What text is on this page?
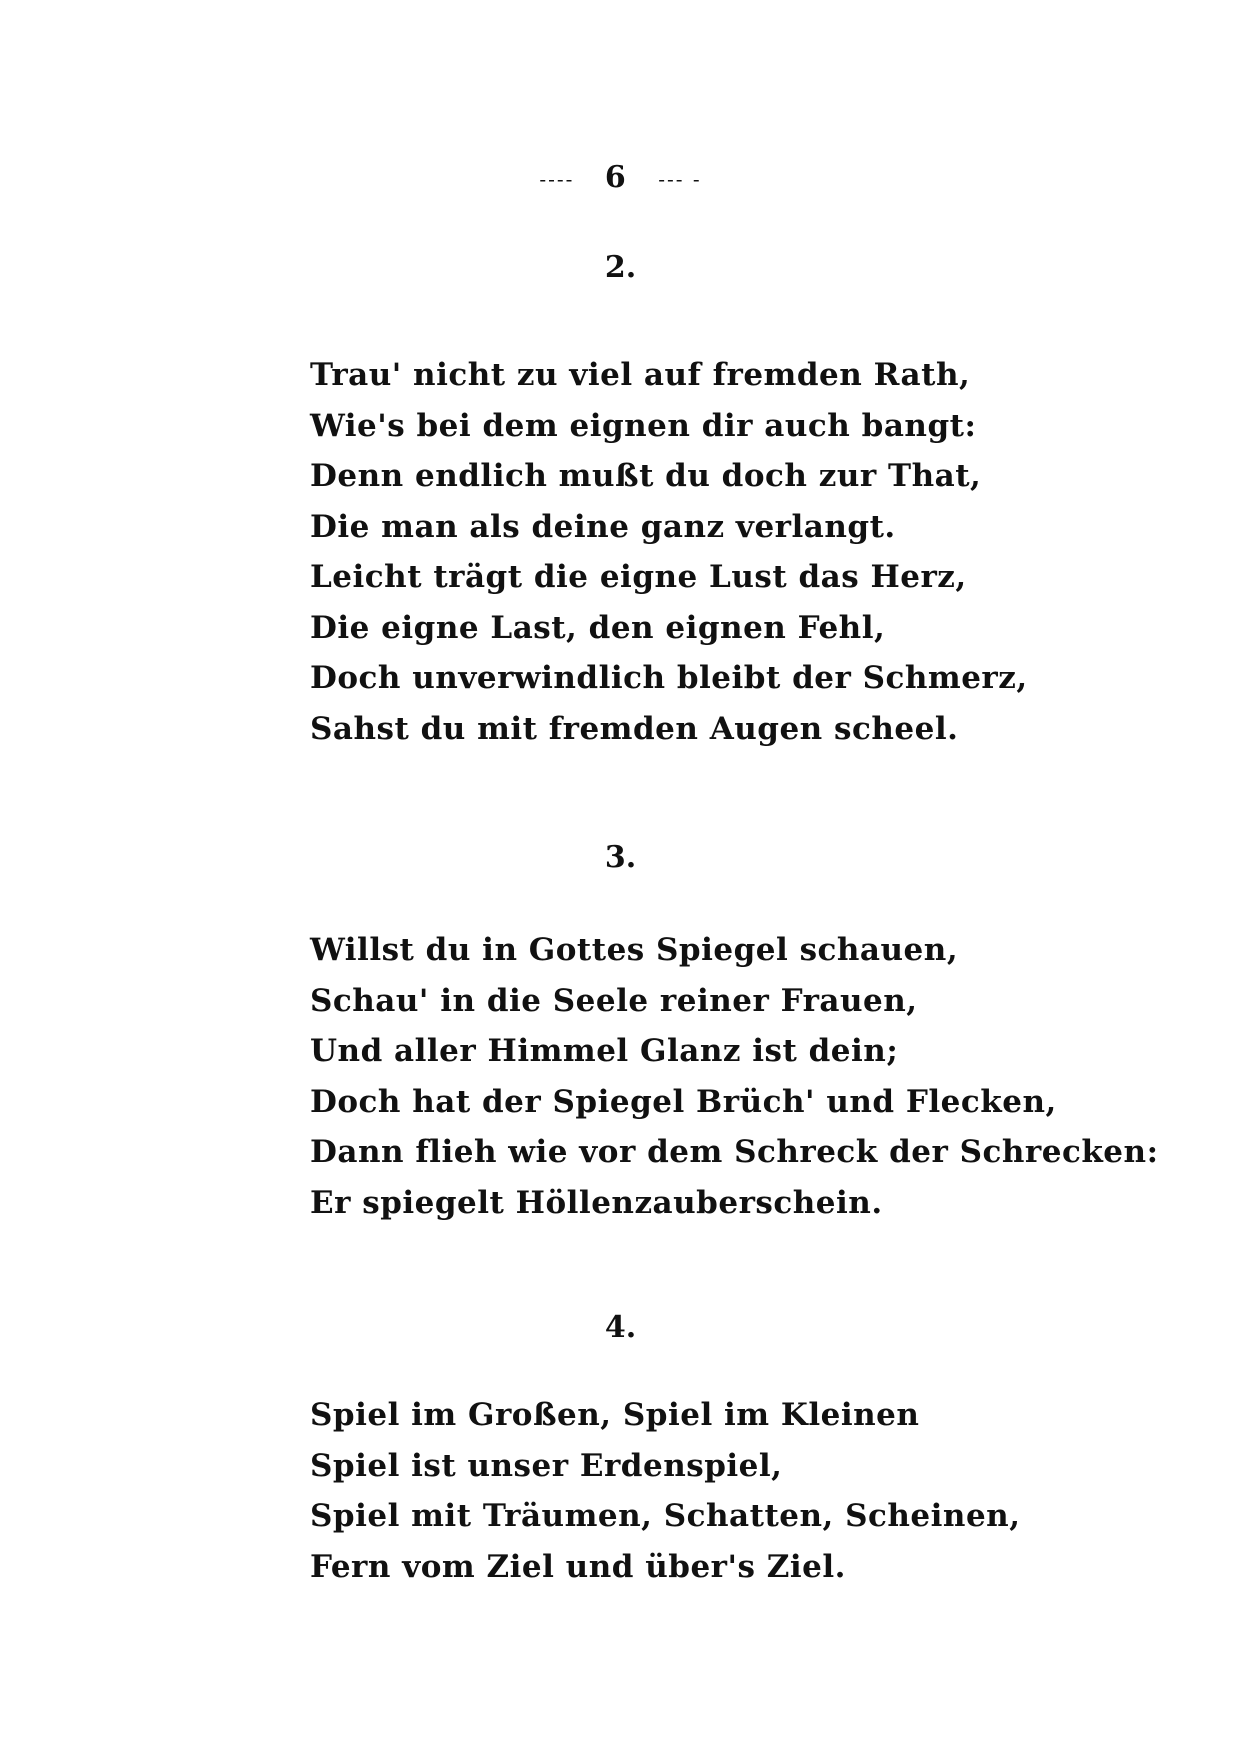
---- 6 --- -
2.
Trau' nicht zu viel auf fremden Rath,
Wie's bei dem eignen dir auch bangt:
Denn endlich mußt du doch zur That,
Die man als deine ganz verlangt.
Leicht trägt die eigne Lust das Herz,
Die eigne Last, den eignen Fehl,
Doch unverwindlich bleibt der Schmerz,
Sahst du mit fremden Augen scheel.
3.
Willst du in Gottes Spiegel schauen,
Schau' in die Seele reiner Frauen,
Und aller Himmel Glanz ist dein;
Doch hat der Spiegel Brüch' und Flecken,
Dann flieh wie vor dem Schreck der Schrecken:
Er spiegelt Höllenzauberschein.
4.
Spiel im Großen, Spiel im Kleinen
Spiel ist unser Erdenspiel,
Spiel mit Träumen, Schatten, Scheinen,
Fern vom Ziel und über's Ziel.
